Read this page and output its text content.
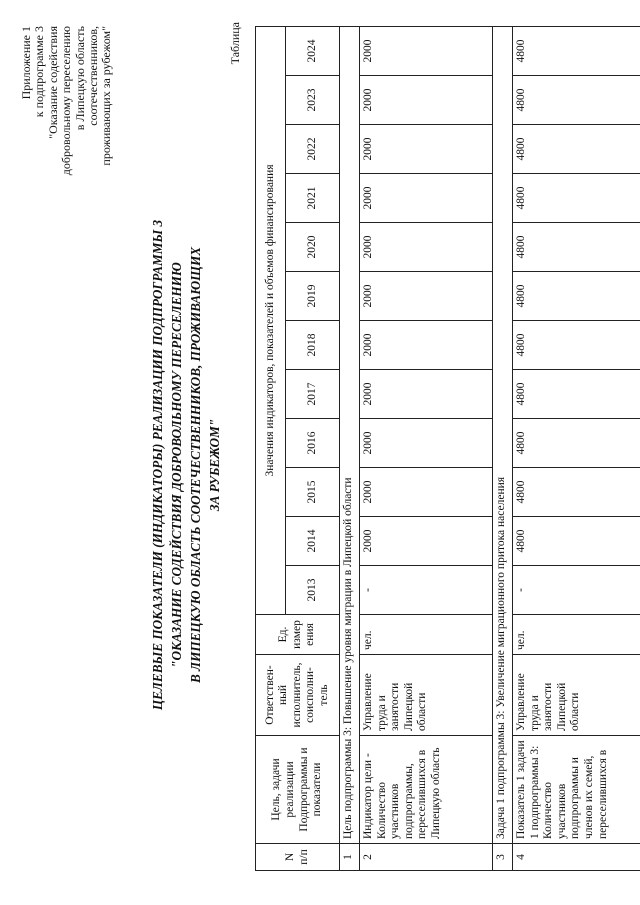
Приложение 1 к подпрограмме 3 "Оказание содействия добровольному переселению в Липецкую область соотечественников, проживающих за рубежом"
ЦЕЛЕВЫЕ ПОКАЗАТЕЛИ (ИНДИКАТОРЫ) РЕАЛИЗАЦИИ ПОДПРОГРАММЫ 3 "ОКАЗАНИЕ СОДЕЙСТВИЯ ДОБРОВОЛЬНОМУ ПЕРЕСЕЛЕНИЮ В ЛИПЕЦКУЮ ОБЛАСТЬ СООТЕЧЕСТВЕННИКОВ, ПРОЖИВАЮЩИХ ЗА РУБЕЖОМ"
Таблица
N п/п	Цель, задачи реализации Подпрограммы и показатели	Ответствен-ный исполнитель, соисполни-тель	Ед. измер ения	Значения индикаторов, показателей и объемов финансирования											
				2013	2014	2015	2016	2017	2018	2019	2020	2021	2022	2023	2024
1	Цель подпрограммы 3: Повышение уровня миграции в Липецкой области														
2	Индикатор цели - Количество участников подпрограммы, переселившихся в Липецкую область	Управление труда и занятости Липецкой области	чел.	-	2000	2000	2000	2000	2000	2000	2000	2000	2000	2000	2000
3	Задача 1 подпрограммы 3: Увеличение миграционного притока населения														
4	Показатель 1 задачи 1 подпрограммы 3: Количество участников подпрограммы и членов их семей, переселившихся в	Управление труда и занятости Липецкой области	чел.	-	4800	4800	4800	4800	4800	4800	4800	4800	4800	4800	4800
